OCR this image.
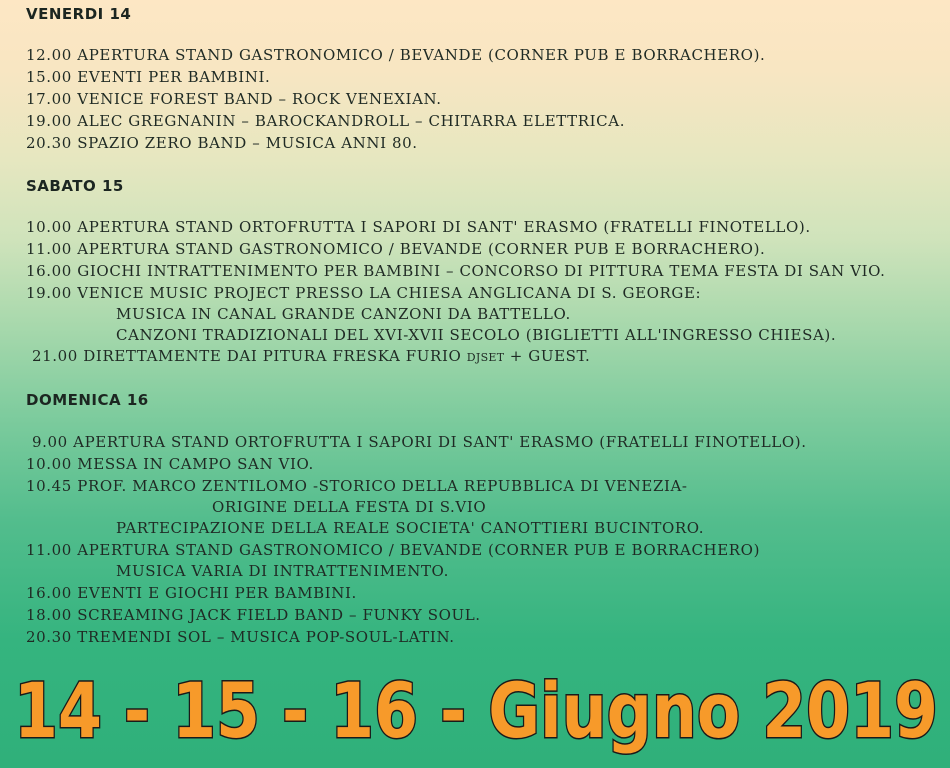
VENERDI 14
12.00 APERTURA STAND GASTRONOMICO / BEVANDE (CORNER PUB E BORRACHERO).
15.00 EVENTI PER BAMBINI.
17.00 VENICE FOREST BAND – ROCK VENEXIAN.
19.00 ALEC GREGNANIN – BAROCKANDROLL – CHITARRA ELETTRICA.
20.30 SPAZIO ZERO BAND – MUSICA ANNI 80.
SABATO 15
10.00 APERTURA STAND ORTOFRUTTA I SAPORI DI SANT' ERASMO (FRATELLI FINOTELLO).
11.00 APERTURA STAND GASTRONOMICO / BEVANDE (CORNER PUB E BORRACHERO).
16.00 GIOCHI INTRATTENIMENTO PER BAMBINI – CONCORSO DI PITTURA TEMA FESTA DI SAN VIO.
19.00 VENICE MUSIC PROJECT PRESSO LA CHIESA ANGLICANA DI S. GEORGE:
MUSICA IN CANAL GRANDE CANZONI DA BATTELLO.
CANZONI TRADIZIONALI DEL XVI-XVII SECOLO (BIGLIETTI ALL'INGRESSO CHIESA).
21.00 DIRETTAMENTE DAI PITURA FRESKA FURIO DJSET + GUEST.
DOMENICA 16
9.00 APERTURA STAND ORTOFRUTTA I SAPORI DI SANT' ERASMO (FRATELLI FINOTELLO).
10.00 MESSA IN CAMPO SAN VIO.
10.45 PROF. MARCO ZENTILOMO -STORICO DELLA REPUBBLICA DI VENEZIA-
ORIGINE DELLA FESTA DI S.VIO
PARTECIPAZIONE DELLA REALE SOCIETA' CANOTTIERI BUCINTORO.
11.00 APERTURA STAND GASTRONOMICO / BEVANDE (CORNER PUB E BORRACHERO)
MUSICA VARIA DI INTRATTENIMENTO.
16.00 EVENTI E GIOCHI PER BAMBINI.
18.00 SCREAMING JACK FIELD BAND – FUNKY SOUL.
20.30 TREMENDI SOL – MUSICA POP-SOUL-LATIN.
14 - 15 - 16 - Giugno 2019
